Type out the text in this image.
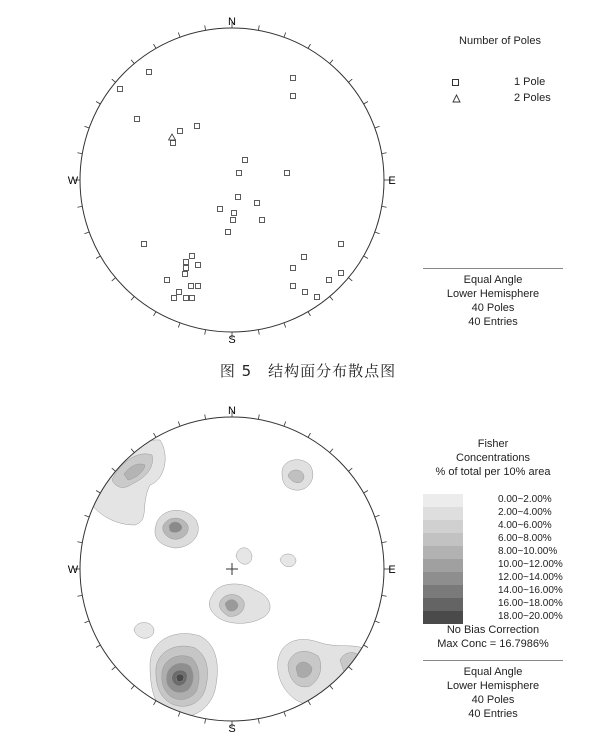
N
S
W	E
N
S
W	E
Number of Poles
1 Pole
2 Poles
Equal Angle
Lower Hemisphere
40 Poles
40 Entries
图 5　结构面分布散点图
Fisher
Concentrations
% of total per 10% area
0.00~2.00%
2.00~4.00%
4.00~6.00%
6.00~8.00%
8.00~10.00%
10.00~12.00%
12.00~14.00%
14.00~16.00%
16.00~18.00%
18.00~20.00%
No Bias Correction
Max Conc = 16.7986%
Equal Angle
Lower Hemisphere
40 Poles
40 Entries
